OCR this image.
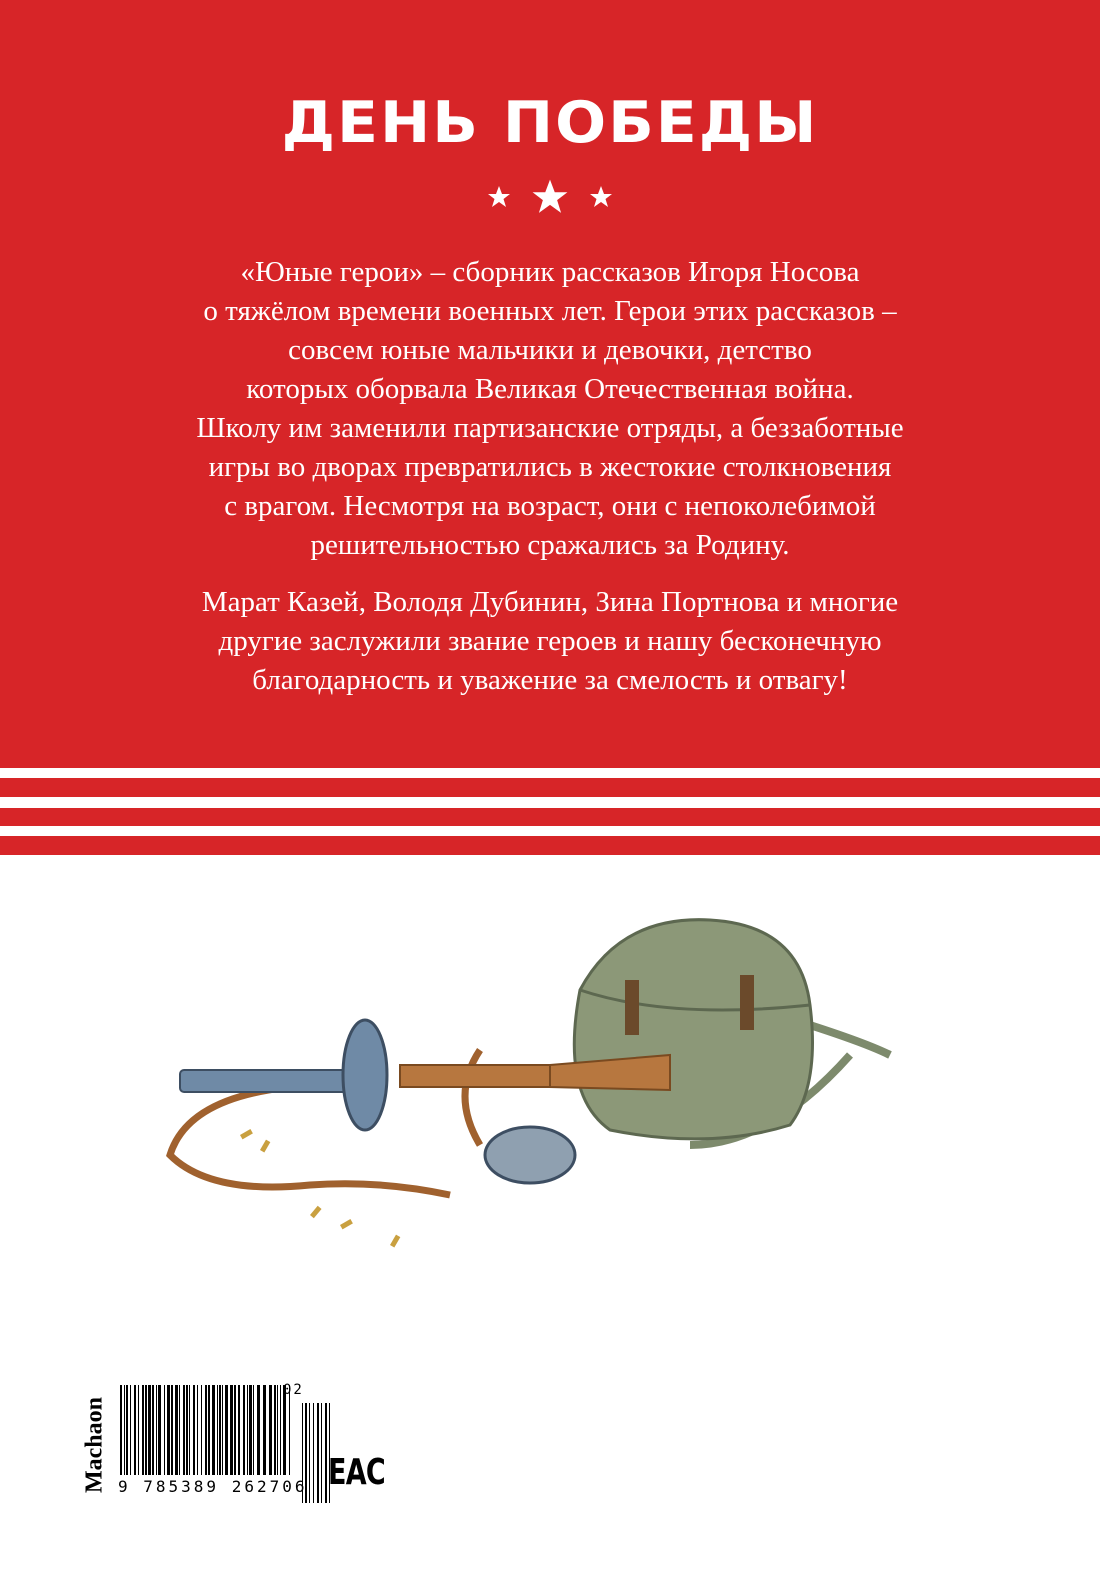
ДЕНЬ ПОБЕДЫ

«Юные герои» – сборник рассказов Игоря Носова
о тяжёлом времени военных лет. Герои этих рассказов –
совсем юные мальчики и девочки, детство
которых оборвала Великая Отечественная война.
Школу им заменили партизанские отряды, а беззаботные
игры во дворах превратились в жестокие столкновения
с врагом. Несмотря на возраст, они с непоколебимой
решительностью сражались за Родину.
Марат Казей, Володя Дубинин, Зина Портнова и многие
другие заслужили звание героев и нашу бесконечную
благодарность и уважение за смелость и отвагу!
Machaon 9 785389 262706
02
ЕАС
